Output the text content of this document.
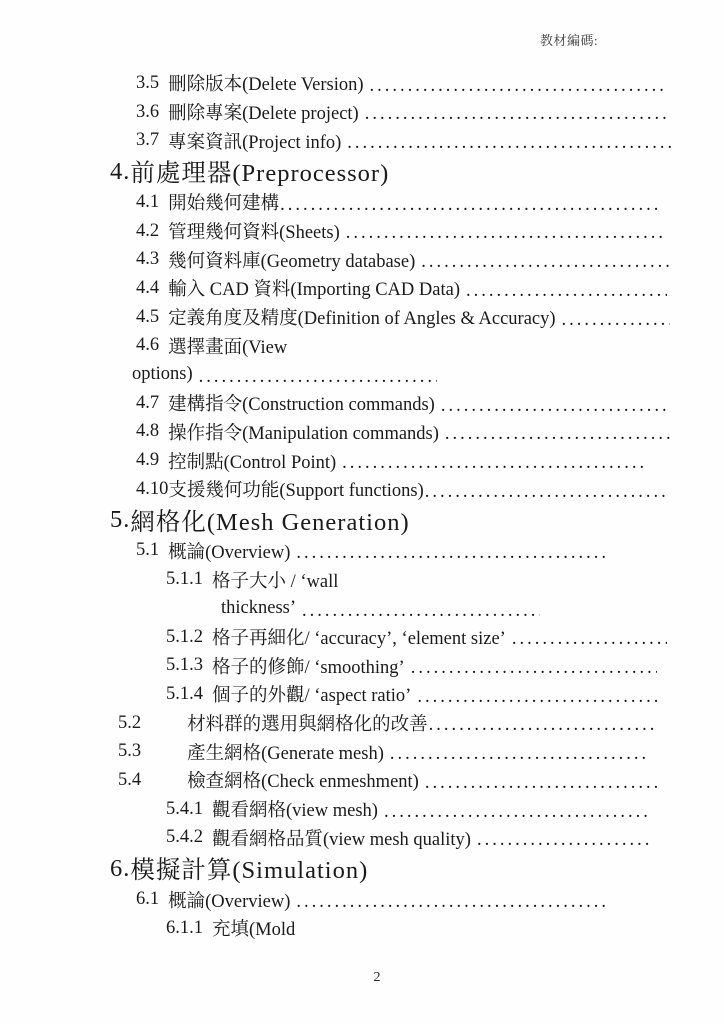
教材編碼:
3.5 刪除版本(Delete Version)
.....
3.6 刪除專案(Delete project)
.....
3.7 專案資訊(Project info)
.....
4. 前處理器(Preprocessor)
4.1 開始幾何建構
.....
4.2 管理幾何資料(Sheets)
.....
4.3 幾何資料庫(Geometry database)
.....
4.4 輸入 CAD 資料(Importing CAD Data)
.....
4.5 定義角度及精度(Definition of Angles & Accuracy)
.....
4.6 選擇畫面(View
options)
.....
4.7 建構指令(Construction commands)
.....
4.8 操作指令(Manipulation commands)
.....
4.9 控制點(Control Point)
.....
4.10 支援幾何功能(Support functions)
.....
5. 網格化(Mesh Generation)
5.1 概論(Overview)
.....
5.1.1 格子大小 / ‘wall
thickness’
.....
5.1.2 格子再細化/ ‘accuracy’, ‘element size’
.....
5.1.3 格子的修飾/ ‘smoothing’
.....
5.1.4 個子的外觀/ ‘aspect ratio’
.....
5.2 材料群的選用與網格化的改善
.....
5.3 產生網格(Generate mesh)
.....
5.4 檢查網格(Check enmeshment)
.....
5.4.1 觀看網格(view mesh)
.....
5.4.2 觀看網格品質(view mesh quality)
.....
6. 模擬計算(Simulation)
6.1 概論(Overview)
.....
6.1.1 充填(Mold
2
